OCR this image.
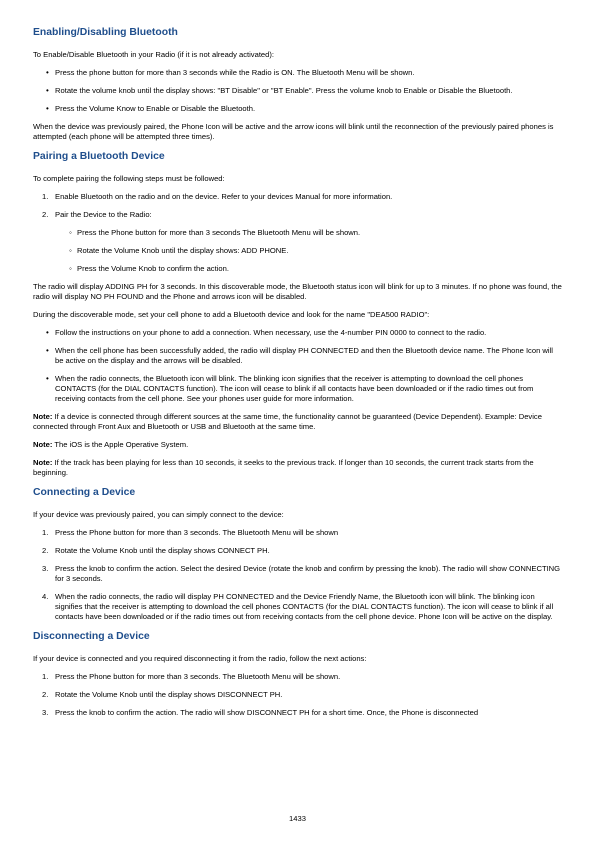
Enabling/Disabling Bluetooth

To Enable/Disable Bluetooth in your Radio (if it is not already activated):

• Press the phone button for more than 3 seconds while the Radio is ON. The Bluetooth Menu will be shown.
• Rotate the volume knob until the display shows: "BT Disable" or "BT Enable". Press the volume knob to Enable or Disable the Bluetooth.
• Press the Volume Know to Enable or Disable the Bluetooth.

When the device was previously paired, the Phone Icon will be active and the arrow icons will blink until the reconnection of the previously paired phones is attempted (each phone will be attempted three times).

Pairing a Bluetooth Device

To complete pairing the following steps must be followed:

1. Enable Bluetooth on the radio and on the device. Refer to your devices Manual for more information.
2. Pair the Device to the Radio:
◦ Press the Phone button for more than 3 seconds The Bluetooth Menu will be shown.
◦ Rotate the Volume Knob until the display shows: ADD PHONE.
◦ Press the Volume Knob to confirm the action.

The radio will display ADDING PH for 3 seconds. In this discoverable mode, the Bluetooth status icon will blink for up to 3 minutes. If no phone was found, the radio will display NO PH FOUND and the Phone and arrows icon will be disabled.

During the discoverable mode, set your cell phone to add a Bluetooth device and look for the name "DEA500 RADIO":

• Follow the instructions on your phone to add a connection. When necessary, use the 4-number PIN 0000 to connect to the radio.
• When the cell phone has been successfully added, the radio will display PH CONNECTED and then the Bluetooth device name. The Phone Icon will be active on the display and the arrows will be disabled.
• When the radio connects, the Bluetooth icon will blink. The blinking icon signifies that the receiver is attempting to download the cell phones CONTACTS (for the DIAL CONTACTS function). The icon will cease to blink if all contacts have been downloaded or if the radio times out from receiving contacts from the cell phone. See your phones user guide for more information.

Note: If a device is connected through different sources at the same time, the functionality cannot be guaranteed (Device Dependent). Example: Device connected through Front Aux and Bluetooth or USB and Bluetooth at the same time.

Note: The iOS is the Apple Operative System.

Note: If the track has been playing for less than 10 seconds, it seeks to the previous track. If longer than 10 seconds, the current track starts from the beginning.

Connecting a Device

If your device was previously paired, you can simply connect to the device:

1. Press the Phone button for more than 3 seconds. The Bluetooth Menu will be shown
2. Rotate the Volume Knob until the display shows CONNECT PH.
3. Press the knob to confirm the action. Select the desired Device (rotate the knob and confirm by pressing the knob). The radio will show CONNECTING for 3 seconds.
4. When the radio connects, the radio will display PH CONNECTED and the Device Friendly Name, the Bluetooth icon will blink. The blinking icon signifies that the receiver is attempting to download the cell phones CONTACTS (for the DIAL CONTACTS function). The icon will cease to blink if all contacts have been downloaded or if the radio times out from receiving contacts from the cell phone device. Phone Icon will be active on the display.
Disconnecting a Device

If your device is connected and you required disconnecting it from the radio, follow the next actions:

1. Press the Phone button for more than 3 seconds. The Bluetooth Menu will be shown.
2. Rotate the Volume Knob until the display shows DISCONNECT PH.
3. Press the knob to confirm the action. The radio will show DISCONNECT PH for a short time. Once, the Phone is disconnected
1433
